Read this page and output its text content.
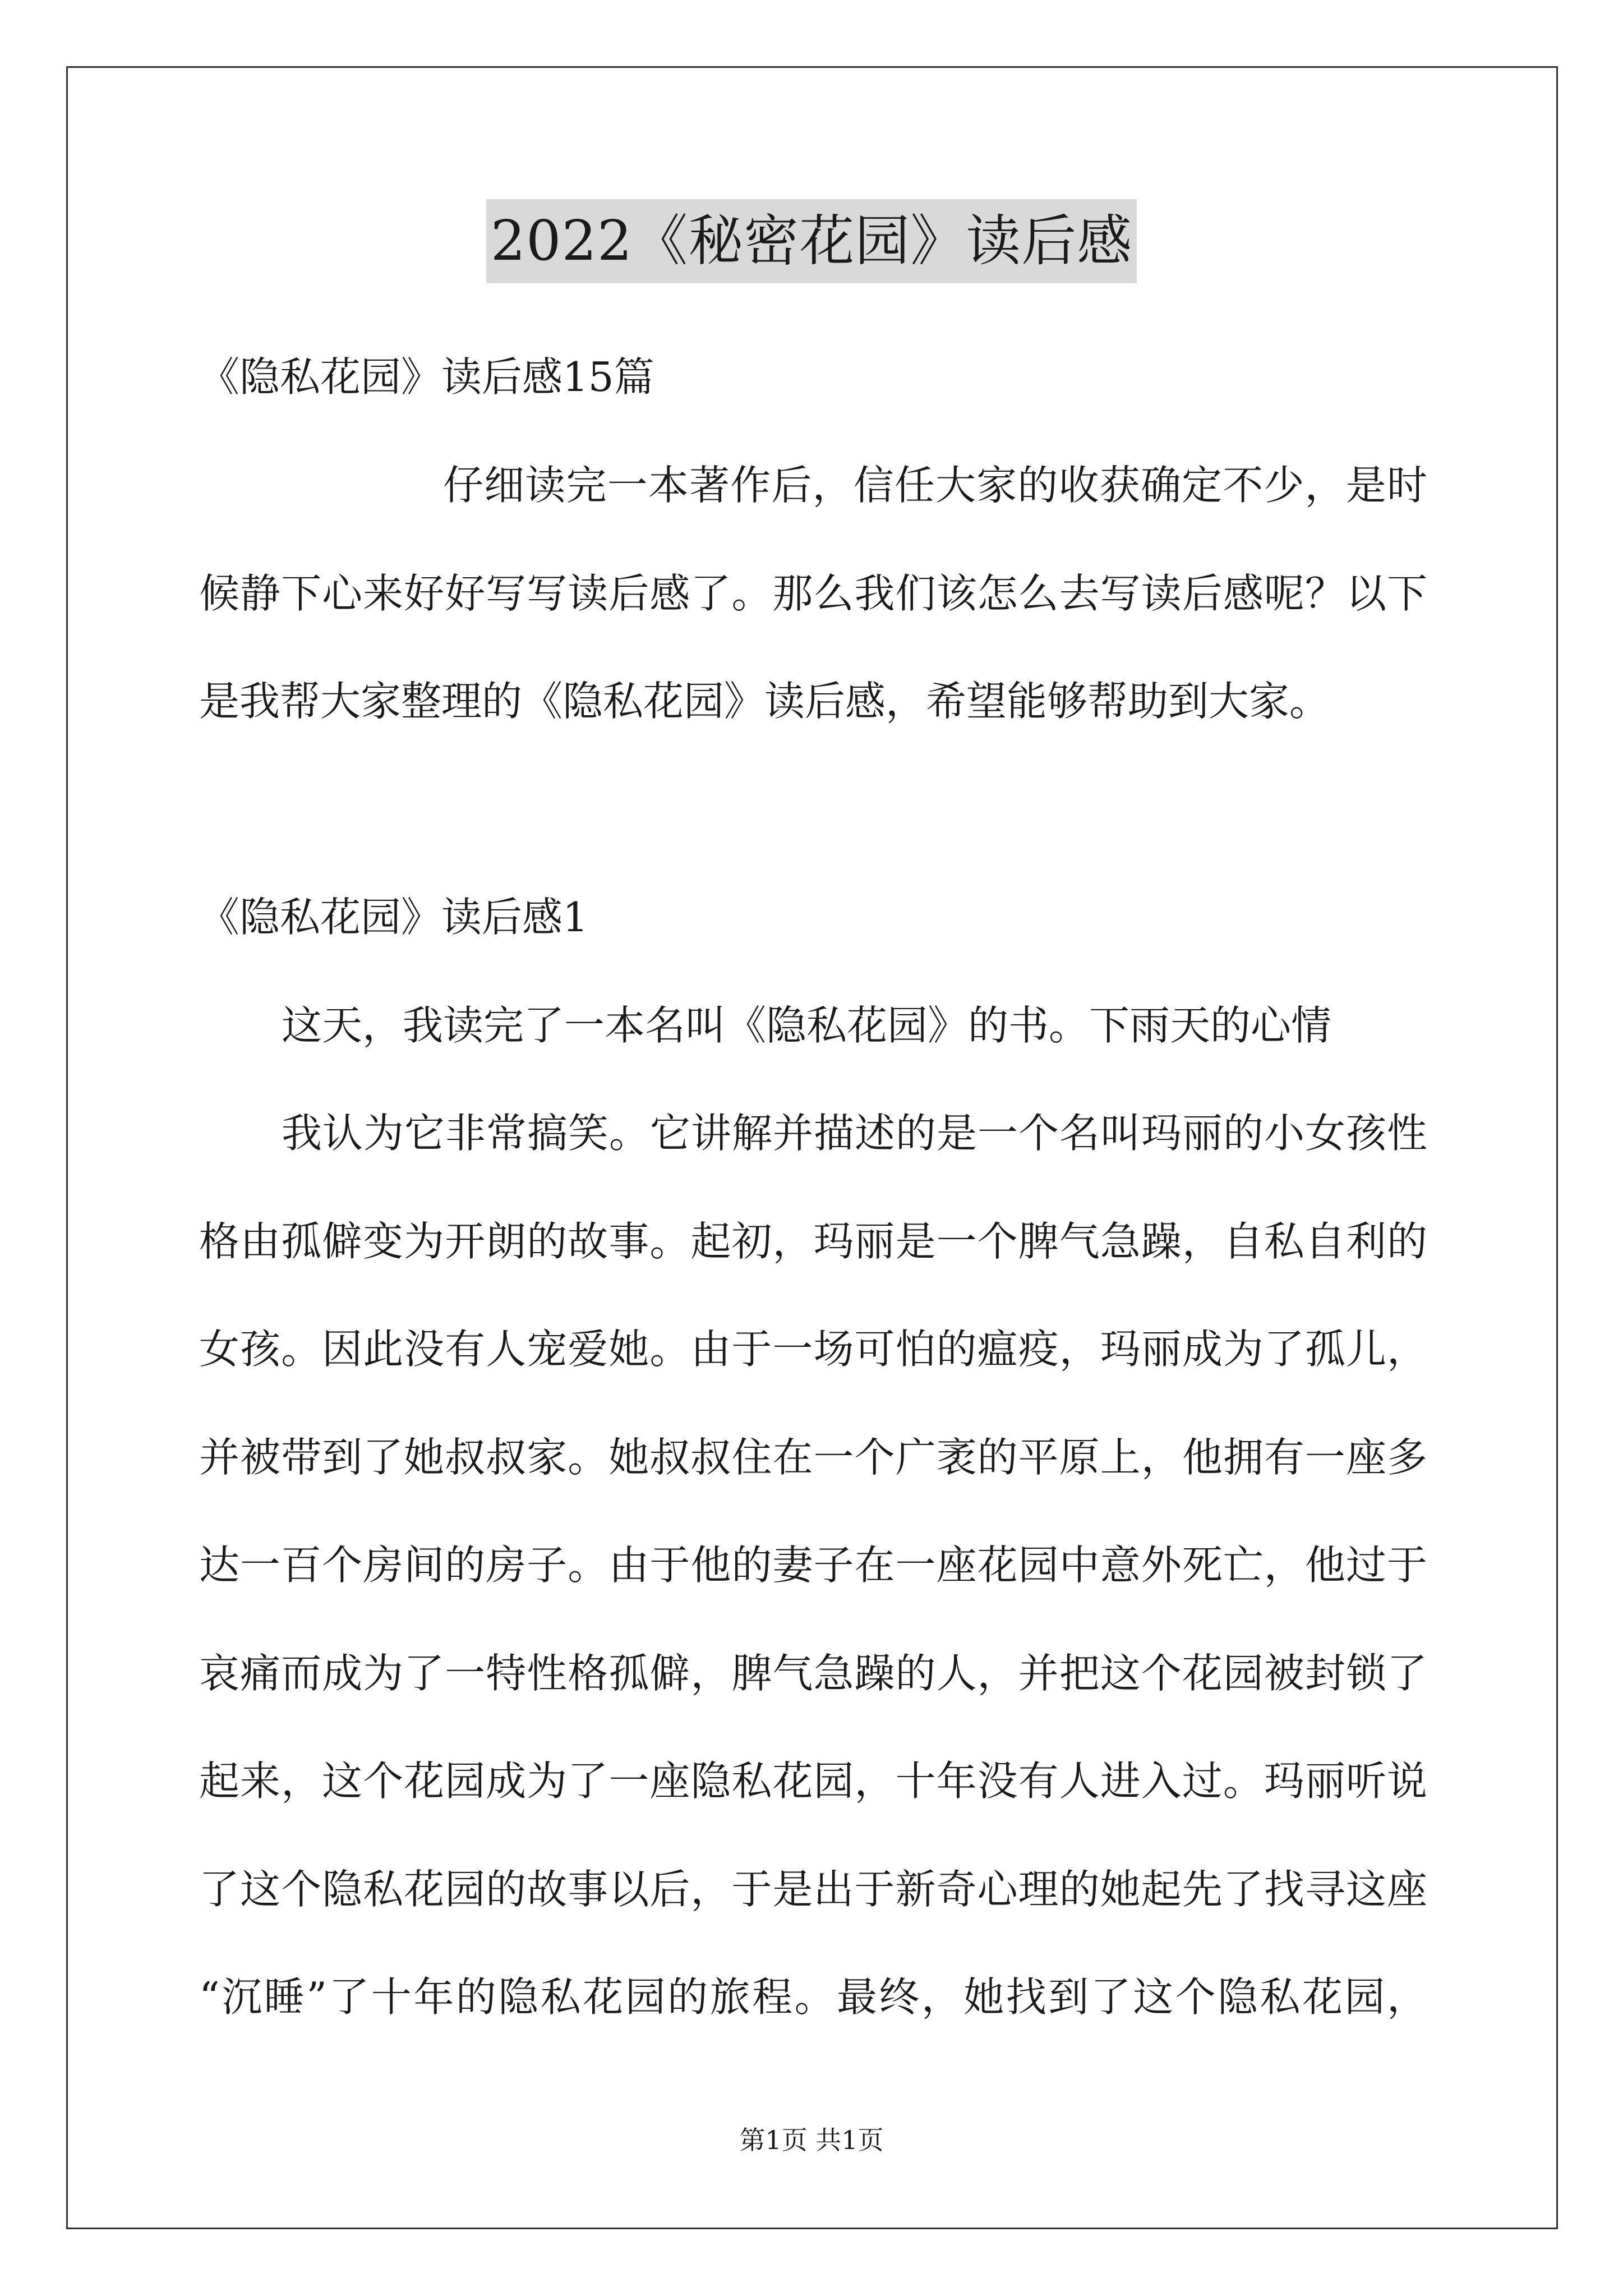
2022《秘密花园》读后感
《隐私花园》读后感15篇
仔细读完一本著作后，信任大家的收获确定不少，是时
候静下心来好好写写读后感了。那么我们该怎么去写读后感呢？以下
是我帮大家整理的《隐私花园》读后感，希望能够帮助到大家。
《隐私花园》读后感1
这天，我读完了一本名叫《隐私花园》的书。下雨天的心情
我认为它非常搞笑。它讲解并描述的是一个名叫玛丽的小女孩性
格由孤僻变为开朗的故事。起初，玛丽是一个脾气急躁，自私自利的
女孩。因此没有人宠爱她。由于一场可怕的瘟疫，玛丽成为了孤儿，
并被带到了她叔叔家。她叔叔住在一个广袤的平原上，他拥有一座多
达一百个房间的房子。由于他的妻子在一座花园中意外死亡，他过于
哀痛而成为了一特性格孤僻，脾气急躁的人，并把这个花园被封锁了
起来，这个花园成为了一座隐私花园，十年没有人进入过。玛丽听说
了这个隐私花园的故事以后，于是出于新奇心理的她起先了找寻这座
“沉睡”了十年的隐私花园的旅程。最终，她找到了这个隐私花园，
第1页 共1页
